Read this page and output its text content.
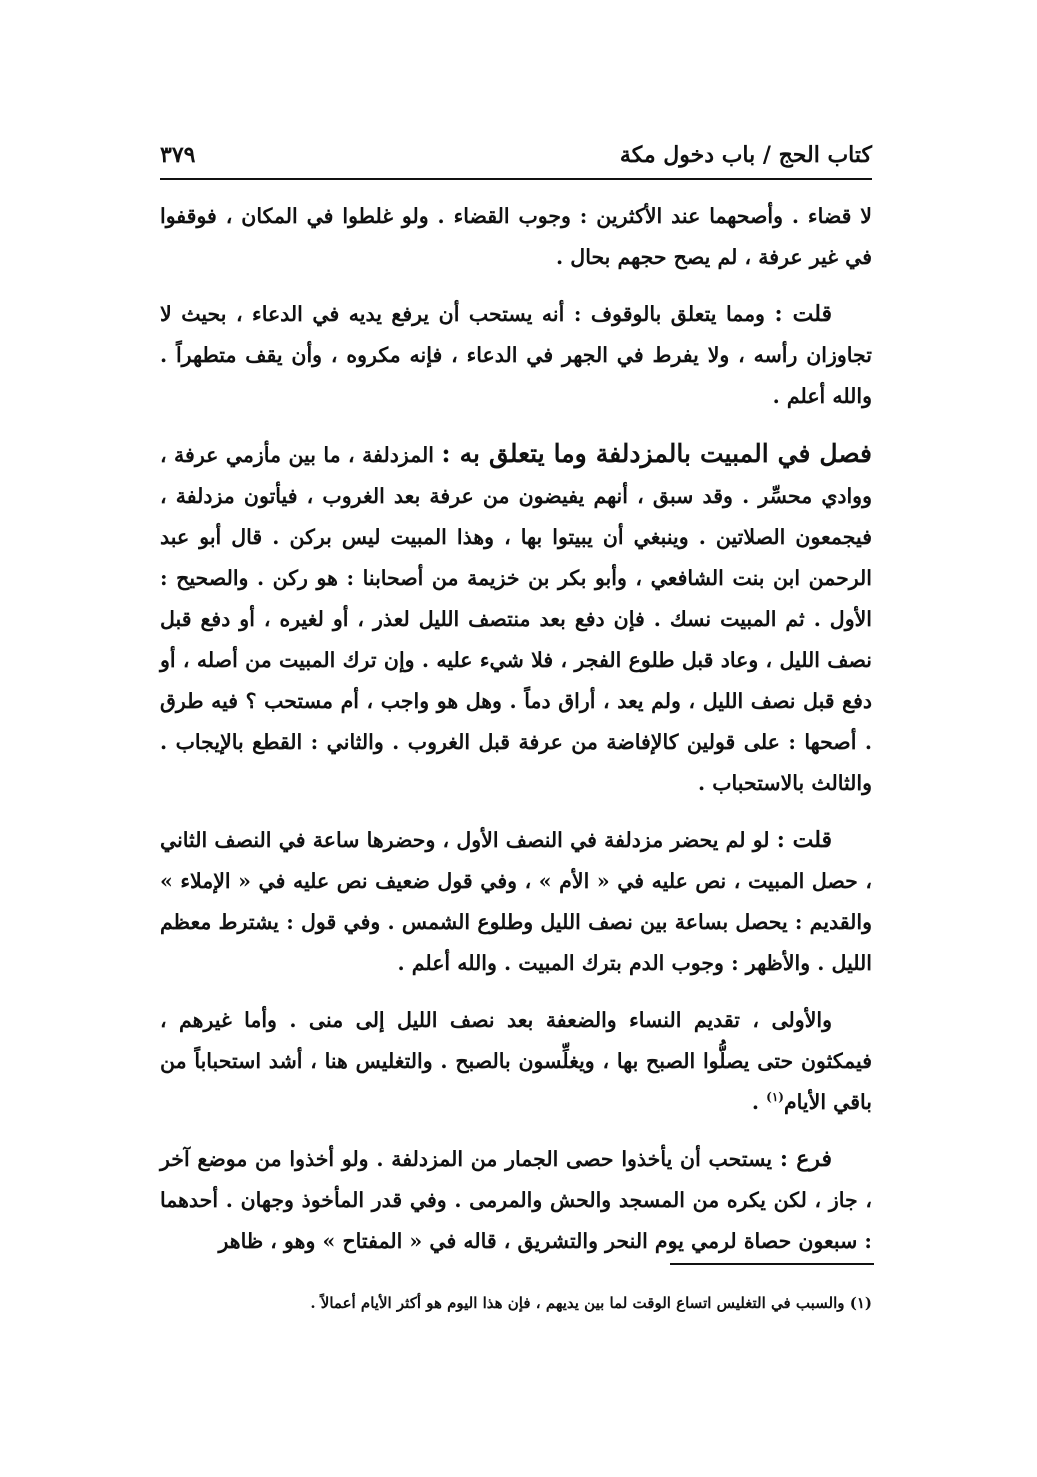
كتاب الحج / باب دخول مكة
٣٧٩

لا قضاء . وأصحهما عند الأكثرين : وجوب القضاء . ولو غلطوا في المكان ، فوقفوا في غير عرفة ، لم يصح حجهم بحال .

قلت : ومما يتعلق بالوقوف : أنه يستحب أن يرفع يديه في الدعاء ، بحيث لا تجاوزان رأسه ، ولا يفرط في الجهر في الدعاء ، فإنه مكروه ، وأن يقف متطهراً . والله أعلم .

فصل في المبيت بالمزدلفة وما يتعلق به : المزدلفة ، ما بين مأزمي عرفة ، ووادي محسِّر . وقد سبق ، أنهم يفيضون من عرفة بعد الغروب ، فيأتون مزدلفة ، فيجمعون الصلاتين . وينبغي أن يبيتوا بها ، وهذا المبيت ليس بركن . قال أبو عبد الرحمن ابن بنت الشافعي ، وأبو بكر بن خزيمة من أصحابنا : هو ركن . والصحيح : الأول . ثم المبيت نسك . فإن دفع بعد منتصف الليل لعذر ، أو لغيره ، أو دفع قبل نصف الليل ، وعاد قبل طلوع الفجر ، فلا شيء عليه . وإن ترك المبيت من أصله ، أو دفع قبل نصف الليل ، ولم يعد ، أراق دماً . وهل هو واجب ، أم مستحب ؟ فيه طرق . أصحها : على قولين كالإفاضة من عرفة قبل الغروب . والثاني : القطع بالإيجاب . والثالث بالاستحباب .

قلت : لو لم يحضر مزدلفة في النصف الأول ، وحضرها ساعة في النصف الثاني ، حصل المبيت ، نص عليه في « الأم » ، وفي قول ضعيف نص عليه في « الإملاء » والقديم : يحصل بساعة بين نصف الليل وطلوع الشمس . وفي قول : يشترط معظم الليل . والأظهر : وجوب الدم بترك المبيت . والله أعلم .

والأولى ، تقديم النساء والضعفة بعد نصف الليل إلى منى . وأما غيرهم ، فيمكثون حتى يصلُّوا الصبح بها ، ويغلِّسون بالصبح . والتغليس هنا ، أشد استحباباً من باقي الأيام$^{(١)}$ .

فرع : يستحب أن يأخذوا حصى الجمار من المزدلفة . ولو أخذوا من موضع آخر ، جاز ، لكن يكره من المسجد والحش والمرمى . وفي قدر المأخوذ وجهان . أحدهما : سبعون حصاة لرمي يوم النحر والتشريق ، قاله في « المفتاح » وهو ، ظاهر

(١) والسبب في التغليس اتساع الوقت لما بين يديهم ، فإن هذا اليوم هو أكثر الأيام أعمالاً .
